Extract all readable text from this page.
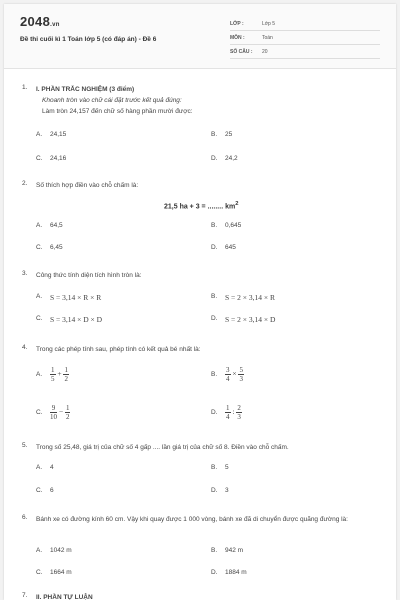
2048.vn
Đề thi cuối kì 1 Toán lớp 5 (có đáp án) - Đề 6
LỚP :	Lớp 5
MÔN :	Toán
SỐ CÂU : 20
1. I. PHẦN TRẮC NGHIỆM (3 điểm)
Khoanh tròn vào chữ cái đặt trước kết quả đúng:
Làm tròn 24,157 đến chữ số hàng phần mười được:
A. 24,15	B. 25
C. 24,16	D. 24,2
2. Số thích hợp điền vào chỗ chấm là:
21,5 ha + 3 = ........ $km^2$
A. 64,5	B. 0,645
C. 6,45	D. 645
3. Công thức tính diện tích hình tròn là:
A. S = 3,14 × R × R	B. S = 2 × 3,14 × R
C. S = 3,14 × D × D	D. S = 2 × 3,14 × D
4. Trong các phép tính sau, phép tính có kết quả bé nhất là:
A. $\frac{1}{5} + \frac{1}{2}$	B. $\frac{3}{4} \times \frac{5}{3}$
C. $\frac{9}{10} - \frac{1}{2}$	D. $\frac{1}{4}$ : $\frac{2}{3}$
5. Trong số 25,48, giá trị của chữ số 4 gấp .... lần giá trị của chữ số 8. Điền vào chỗ chấm.
A. 4	B. 5
C. 6	D. 3
6. Bánh xe có đường kính 60 cm. Vậy khi quay được 1 000 vòng, bánh xe đã di chuyển được quãng đường là:
A. 1042 m	B. 942 m
C. 1664 m	D. 1884 m
7. II. PHẦN TỰ LUẬN
